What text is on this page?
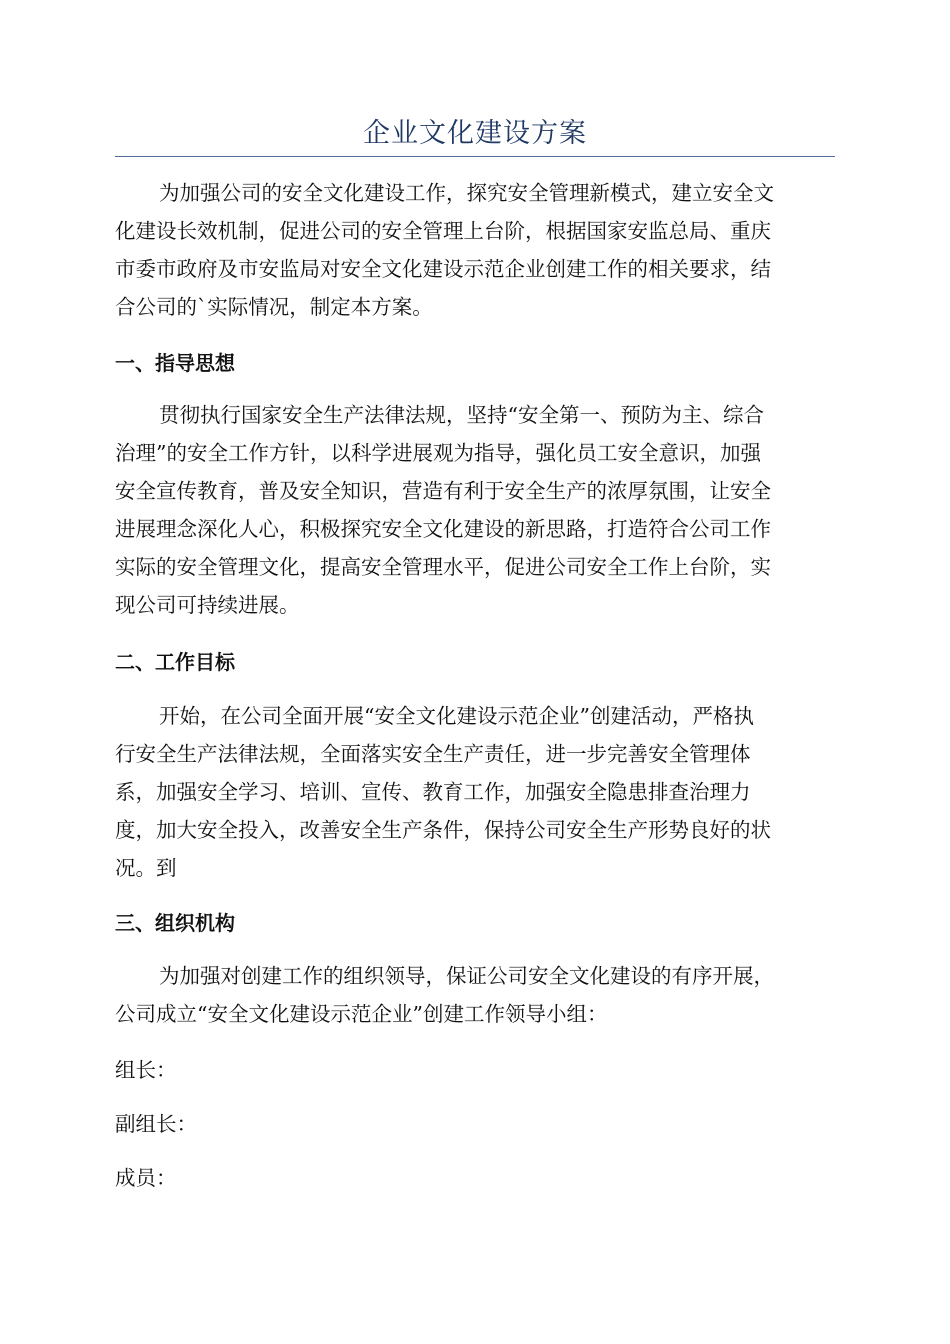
企业文化建设方案
为加强公司的安全文化建设工作，探究安全管理新模式，建立安全文
化建设长效机制，促进公司的安全管理上台阶，根据国家安监总局、重庆
市委市政府及市安监局对安全文化建设示范企业创建工作的相关要求，结
合公司的`实际情况，制定本方案。
一、指导思想
贯彻执行国家安全生产法律法规，坚持“安全第一、预防为主、综合
治理”的安全工作方针，以科学进展观为指导，强化员工安全意识，加强
安全宣传教育，普及安全知识，营造有利于安全生产的浓厚氛围，让安全
进展理念深化人心，积极探究安全文化建设的新思路，打造符合公司工作
实际的安全管理文化，提高安全管理水平，促进公司安全工作上台阶，实
现公司可持续进展。
二、工作目标
开始，在公司全面开展“安全文化建设示范企业”创建活动，严格执
行安全生产法律法规，全面落实安全生产责任，进一步完善安全管理体
系，加强安全学习、培训、宣传、教育工作，加强安全隐患排查治理力
度，加大安全投入，改善安全生产条件，保持公司安全生产形势良好的状
况。到
三、组织机构
为加强对创建工作的组织领导，保证公司安全文化建设的有序开展，
公司成立“安全文化建设示范企业”创建工作领导小组：
组长：
副组长：
成员：
